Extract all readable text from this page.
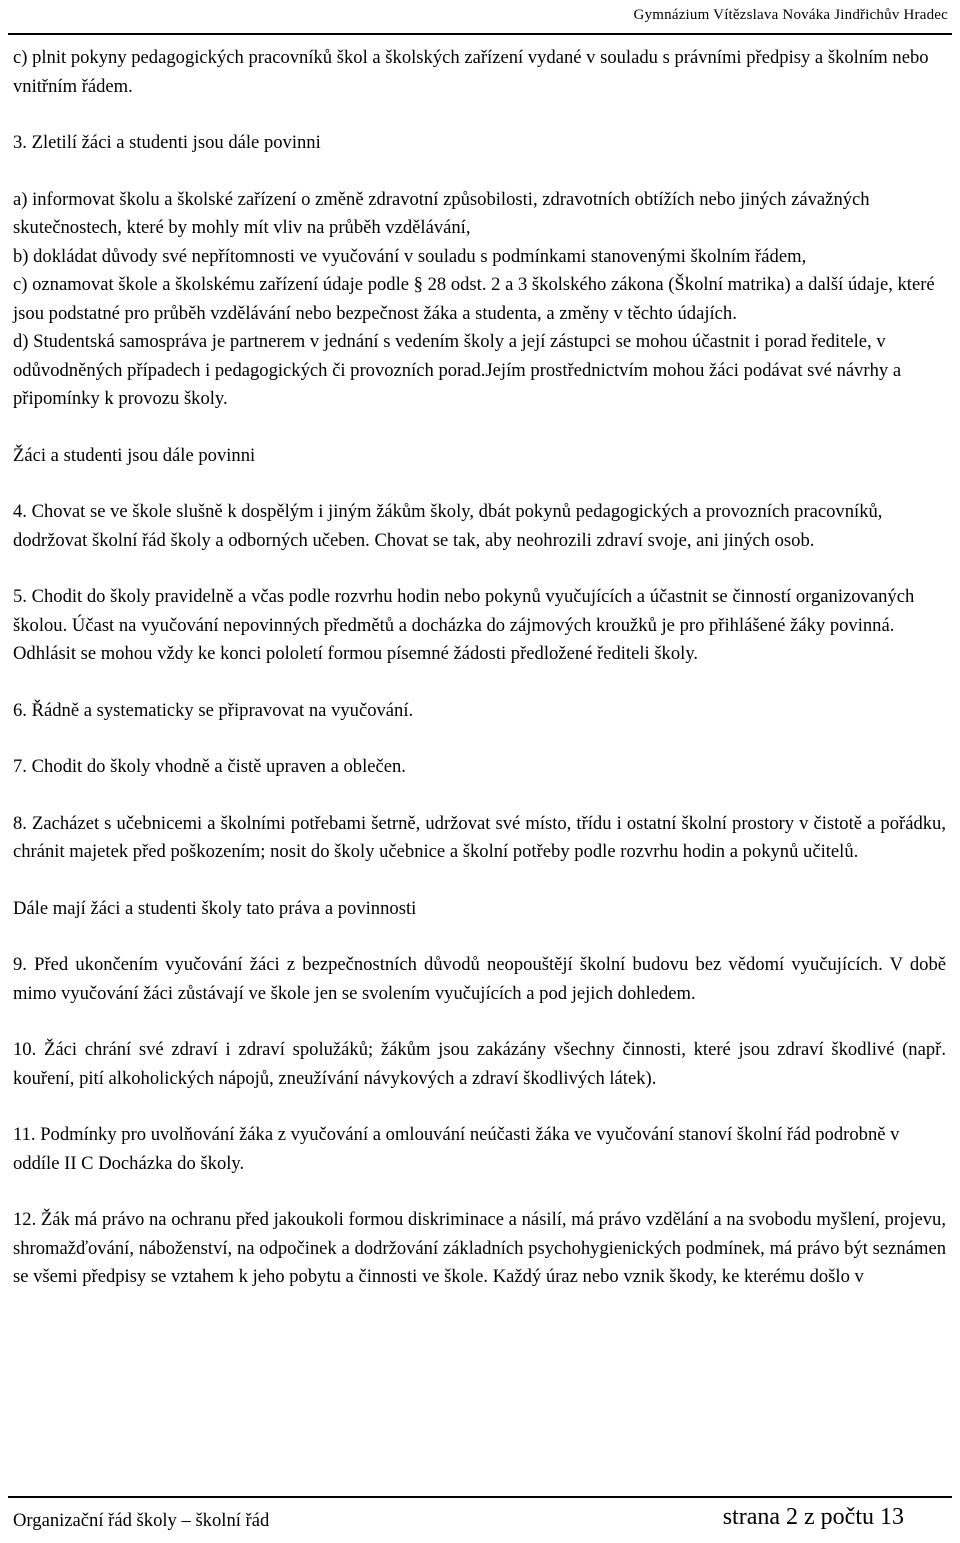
Gymnázium Vítězslava Nováka Jindřichův Hradec

c) plnit pokyny pedagogických pracovníků škol a školských zařízení vydané v souladu s právními předpisy a školním nebo vnitřním řádem.

3. Zletilí žáci a studenti jsou dále povinni

a) informovat školu a školské zařízení o změně zdravotní způsobilosti, zdravotních obtížích nebo jiných závažných skutečnostech, které by mohly mít vliv na průběh vzdělávání,

b) dokládat důvody své nepřítomnosti ve vyučování v souladu s podmínkami stanovenými školním řádem,

c) oznamovat škole a školskému zařízení údaje podle § 28 odst. 2 a 3 školského zákona (Školní matrika) a další údaje, které jsou podstatné pro průběh vzdělávání nebo bezpečnost žáka a studenta, a změny v těchto údajích.

d) Studentská samospráva je partnerem v jednání s vedením školy a její zástupci se mohou účastnit i porad ředitele, v odůvodněných případech i pedagogických či provozních porad.Jejím prostřednictvím mohou žáci podávat své návrhy a připomínky k provozu školy.

Žáci a studenti jsou dále povinni

4. Chovat se ve škole slušně k dospělým i jiným žákům školy, dbát pokynů pedagogických a provozních pracovníků, dodržovat školní řád školy a odborných učeben. Chovat se tak, aby neohrozili zdraví svoje, ani jiných osob.

5. Chodit do školy pravidelně a včas podle rozvrhu hodin nebo pokynů vyučujících a účastnit se činností organizovaných školou. Účast na vyučování nepovinných předmětů a docházka do zájmových kroužků je pro přihlášené žáky povinná. Odhlásit se mohou vždy ke konci pololetí formou písemné žádosti předložené řediteli školy.

6. Řádně a systematicky se připravovat na vyučování.

7. Chodit do školy vhodně a čistě upraven a oblečen.

8. Zacházet s učebnicemi a školními potřebami šetrně, udržovat své místo, třídu i ostatní školní prostory v čistotě a pořádku, chránit majetek před poškozením; nosit do školy učebnice a školní potřeby podle rozvrhu hodin a pokynů učitelů.

Dále mají žáci a studenti školy tato práva a povinnosti

9. Před ukončením vyučování žáci z bezpečnostních důvodů neopouštějí školní budovu bez vědomí vyučujících. V době mimo vyučování žáci zůstávají ve škole jen se svolením vyučujících a pod jejich dohledem.

10. Žáci chrání své zdraví i zdraví spolužáků; žákům jsou zakázány všechny činnosti, které jsou zdraví škodlivé (např. kouření, pití alkoholických nápojů, zneužívání návykových a zdraví škodlivých látek).

11. Podmínky pro uvolňování žáka z vyučování a omlouvání neúčasti žáka ve vyučování stanoví školní řád podrobně v oddíle II C Docházka do školy.

12. Žák má právo na ochranu před jakoukoli formou diskriminace a násilí, má právo vzdělání a na svobodu myšlení, projevu, shromažďování, náboženství, na odpočinek a dodržování základních psychohygienických podmínek, má právo být seznámen se všemi předpisy se vztahem k jeho pobytu a činnosti ve škole. Každý úraz nebo vznik škody, ke kterému došlo v

Organizační řád školy – školní řád	strana 2 z počtu 13
